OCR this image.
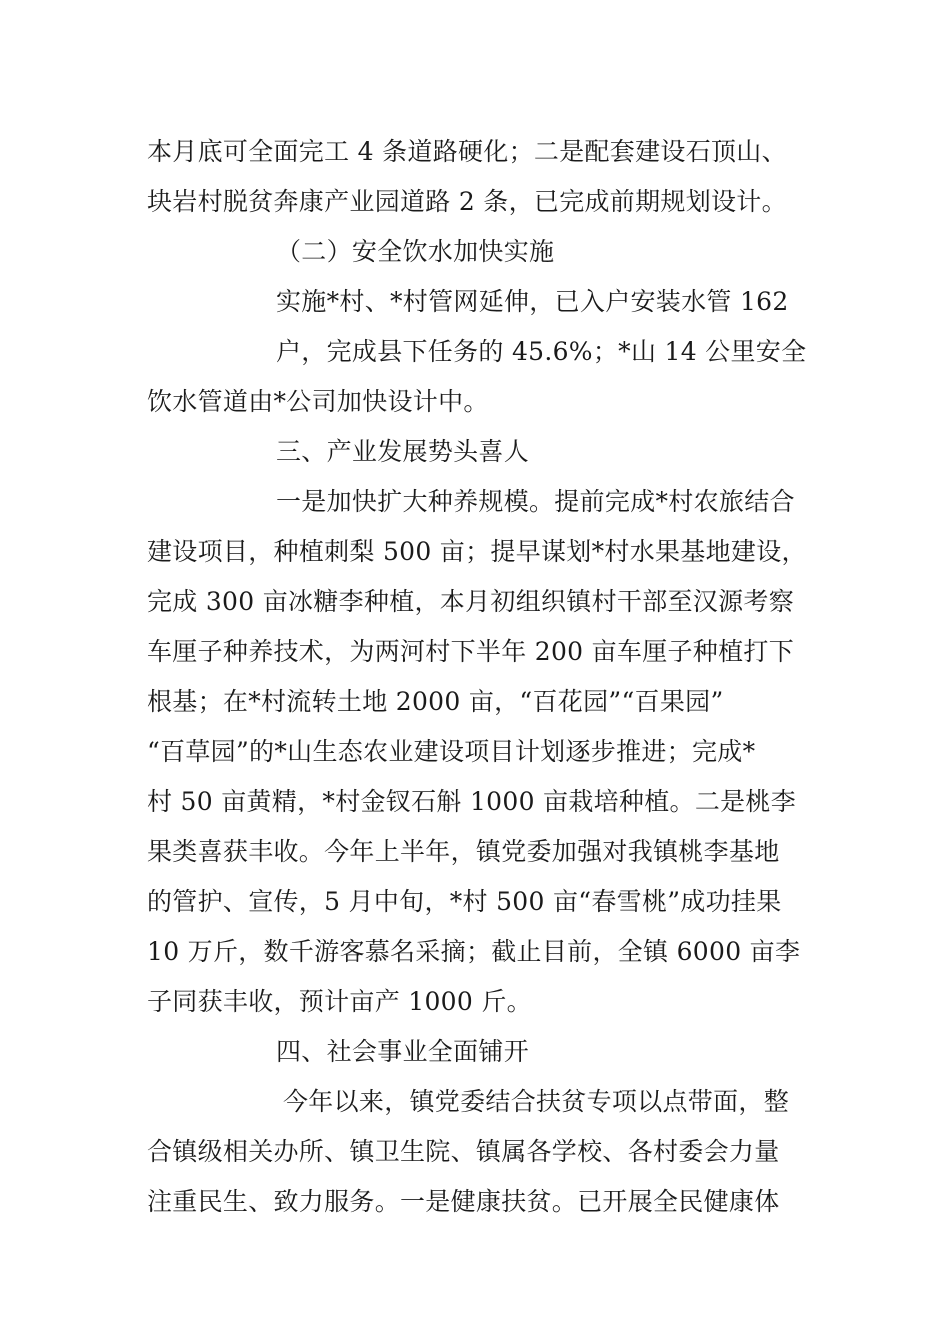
本月底可全面完工 4 条道路硬化；二是配套建设石顶山、
块岩村脱贫奔康产业园道路 2 条，已完成前期规划设计。
（二）安全饮水加快实施
实施*村、*村管网延伸，已入户安装水管 162
户，完成县下任务的 45.6%；*山 14 公里安全
饮水管道由*公司加快设计中。
三、产业发展势头喜人
一是加快扩大种养规模。提前完成*村农旅结合
建设项目，种植刺梨 500 亩；提早谋划*村水果基地建设，
完成 300 亩冰糖李种植，本月初组织镇村干部至汉源考察
车厘子种养技术，为两河村下半年 200 亩车厘子种植打下
根基；在*村流转土地 2000 亩，“百花园”“百果园”
“百草园”的*山生态农业建设项目计划逐步推进；完成*
村 50 亩黄精，*村金钗石斛 1000 亩栽培种植。二是桃李
果类喜获丰收。今年上半年，镇党委加强对我镇桃李基地
的管护、宣传，5 月中旬，*村 500 亩“春雪桃”成功挂果
10 万斤，数千游客慕名采摘；截止目前，全镇 6000 亩李
子同获丰收，预计亩产 1000 斤。
四、社会事业全面铺开
今年以来，镇党委结合扶贫专项以点带面，整
合镇级相关办所、镇卫生院、镇属各学校、各村委会力量
注重民生、致力服务。一是健康扶贫。已开展全民健康体
